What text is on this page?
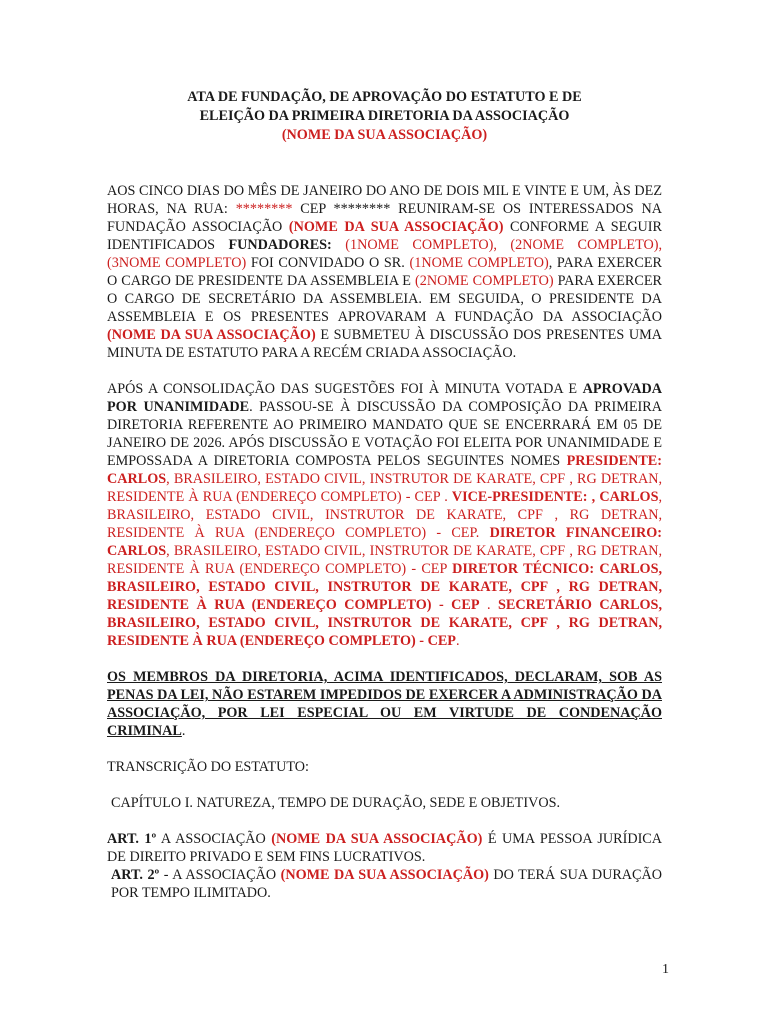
ATA DE FUNDAÇÃO, DE APROVAÇÃO DO ESTATUTO E DE
ELEIÇÃO DA PRIMEIRA DIRETORIA DA ASSOCIAÇÃO
(NOME DA SUA ASSOCIAÇÃO)

AOS CINCO DIAS DO MÊS DE JANEIRO DO ANO DE DOIS MIL E VINTE E UM, ÀS DEZ HORAS, NA RUA: ******** CEP ******** REUNIRAM-SE OS INTERESSADOS NA FUNDAÇÃO ASSOCIAÇÃO (NOME DA SUA ASSOCIAÇÃO) CONFORME A SEGUIR IDENTIFICADOS FUNDADORES: (1NOME COMPLETO), (2NOME COMPLETO), (3NOME COMPLETO) FOI CONVIDADO O SR. (1NOME COMPLETO), PARA EXERCER O CARGO DE PRESIDENTE DA ASSEMBLEIA E (2NOME COMPLETO) PARA EXERCER O CARGO DE SECRETÁRIO DA ASSEMBLEIA. EM SEGUIDA, O PRESIDENTE DA ASSEMBLEIA E OS PRESENTES APROVARAM A FUNDAÇÃO DA ASSOCIAÇÃO (NOME DA SUA ASSOCIAÇÃO) E SUBMETEU À DISCUSSÃO DOS PRESENTES UMA MINUTA DE ESTATUTO PARA A RECÉM CRIADA ASSOCIAÇÃO.

APÓS A CONSOLIDAÇÃO DAS SUGESTÕES FOI À MINUTA VOTADA E APROVADA POR UNANIMIDADE. PASSOU-SE À DISCUSSÃO DA COMPOSIÇÃO DA PRIMEIRA DIRETORIA REFERENTE AO PRIMEIRO MANDATO QUE SE ENCERRARÁ EM 05 DE JANEIRO DE 2026. APÓS DISCUSSÃO E VOTAÇÃO FOI ELEITA POR UNANIMIDADE E EMPOSSADA A DIRETORIA COMPOSTA PELOS SEGUINTES NOMES PRESIDENTE: CARLOS, BRASILEIRO, ESTADO CIVIL, INSTRUTOR DE KARATE, CPF , RG DETRAN, RESIDENTE À RUA (ENDEREÇO COMPLETO) - CEP . VICE-PRESIDENTE: , CARLOS, BRASILEIRO, ESTADO CIVIL, INSTRUTOR DE KARATE, CPF , RG DETRAN, RESIDENTE À RUA (ENDEREÇO COMPLETO) - CEP. DIRETOR FINANCEIRO: CARLOS, BRASILEIRO, ESTADO CIVIL, INSTRUTOR DE KARATE, CPF , RG DETRAN, RESIDENTE À RUA (ENDEREÇO COMPLETO) - CEP DIRETOR TÉCNICO: CARLOS, BRASILEIRO, ESTADO CIVIL, INSTRUTOR DE KARATE, CPF , RG DETRAN, RESIDENTE À RUA (ENDEREÇO COMPLETO) - CEP . SECRETÁRIO CARLOS, BRASILEIRO, ESTADO CIVIL, INSTRUTOR DE KARATE, CPF , RG DETRAN, RESIDENTE À RUA (ENDEREÇO COMPLETO) - CEP.

OS MEMBROS DA DIRETORIA, ACIMA IDENTIFICADOS, DECLARAM, SOB AS PENAS DA LEI, NÃO ESTAREM IMPEDIDOS DE EXERCER A ADMINISTRAÇÃO DA ASSOCIAÇÃO, POR LEI ESPECIAL OU EM VIRTUDE DE CONDENAÇÃO CRIMINAL.

TRANSCRIÇÃO DO ESTATUTO:
CAPÍTULO I. NATUREZA, TEMPO DE DURAÇÃO, SEDE E OBJETIVOS.

ART. 1º A ASSOCIAÇÃO (NOME DA SUA ASSOCIAÇÃO) É UMA PESSOA JURÍDICA DE DIREITO PRIVADO E SEM FINS LUCRATIVOS.

ART. 2º - A ASSOCIAÇÃO (NOME DA SUA ASSOCIAÇÃO) DO TERÁ SUA DURAÇÃO POR TEMPO ILIMITADO.

1
